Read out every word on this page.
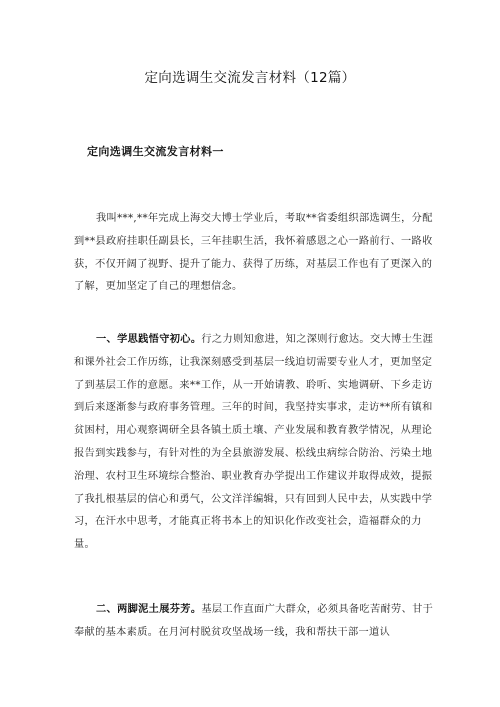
定向选调生交流发言材料（12篇）
定向选调生交流发言材料一

我叫***,**年完成上海交大博士学业后，考取**省委组织部选调生，分配到**县政府挂职任副县长，三年挂职生活，我怀着感恩之心一路前行、一路收获，不仅开阔了视野、提升了能力、获得了历练，对基层工作也有了更深入的了解，更加坚定了自己的理想信念。

一、学思践悟守初心。行之力则知愈进，知之深则行愈达。交大博士生涯和课外社会工作历练，让我深刻感受到基层一线迫切需要专业人才，更加坚定了到基层工作的意愿。来**工作，从一开始请教、聆听、实地调研、下乡走访到后来逐渐参与政府事务管理。三年的时间，我坚持实事求，走访**所有镇和贫困村，用心观察调研全县各镇土质土壤、产业发展和教育教学情况，从理论报告到实践参与，有针对性的为全县旅游发展、松线虫病综合防治、污染土地治理、农村卫生环境综合整治、职业教育办学提出工作建议并取得成效，提振了我扎根基层的信心和勇气，公文洋洋编辑，只有回到人民中去，从实践中学习，在汗水中思考，才能真正将书本上的知识化作改变社会，造福群众的力量。

二、两脚泥土展芬芳。基层工作直面广大群众，必须具备吃苦耐劳、甘于奉献的基本素质。在月河村脱贫攻坚战场一线，我和帮扶干部一道认
